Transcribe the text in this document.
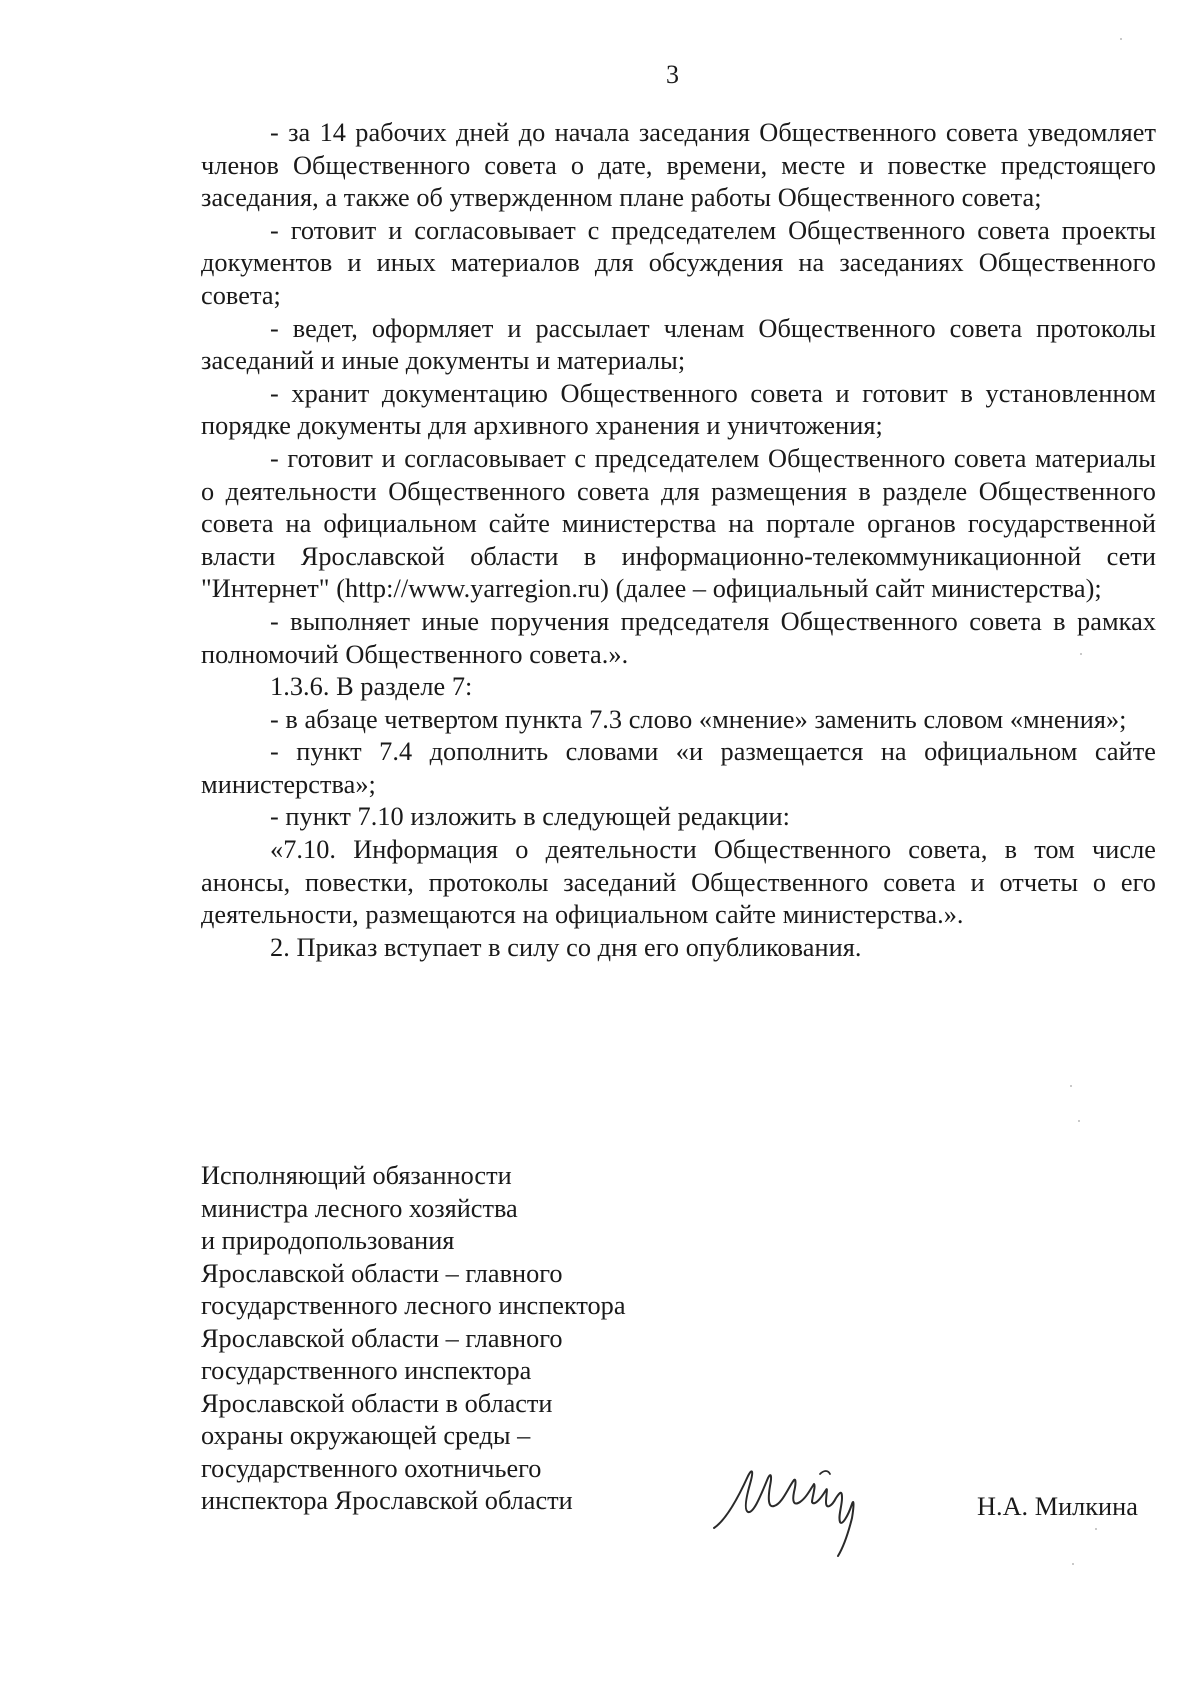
3

- за 14 рабочих дней до начала заседания Общественного совета уведомляет членов Общественного совета о дате, времени, месте и повестке предстоящего заседания, а также об утвержденном плане работы Общественного совета;

- готовит и согласовывает с председателем Общественного совета проекты документов и иных материалов для обсуждения на заседаниях Общественного совета;

- ведет, оформляет и рассылает членам Общественного совета протоколы заседаний и иные документы и материалы;

- хранит документацию Общественного совета и готовит в установленном порядке документы для архивного хранения и уничтожения;

- готовит и согласовывает с председателем Общественного совета материалы о деятельности Общественного совета для размещения в разделе Общественного совета на официальном сайте министерства на портале органов государственной власти Ярославской области в информационно-телекоммуникационной сети "Интернет" (http://www.yarregion.ru) (далее – официальный сайт министерства);

- выполняет иные поручения председателя Общественного совета в рамках полномочий Общественного совета.».

1.3.6. В разделе 7:

- в абзаце четвертом пункта 7.3 слово «мнение» заменить словом «мнения»;

- пункт 7.4 дополнить словами «и размещается на официальном сайте министерства»;

- пункт 7.10 изложить в следующей редакции:

«7.10. Информация о деятельности Общественного совета, в том числе анонсы, повестки, протоколы заседаний Общественного совета и отчеты о его деятельности, размещаются на официальном сайте министерства.».

2. Приказ вступает в силу со дня его опубликования.

Исполняющий обязанности
министра лесного хозяйства
и природопользования
Ярославской области – главного
государственного лесного инспектора
Ярославской области – главного
государственного инспектора
Ярославской области в области
охраны окружающей среды –
государственного охотничьего
инспектора Ярославской области	Н.А. Милкина
